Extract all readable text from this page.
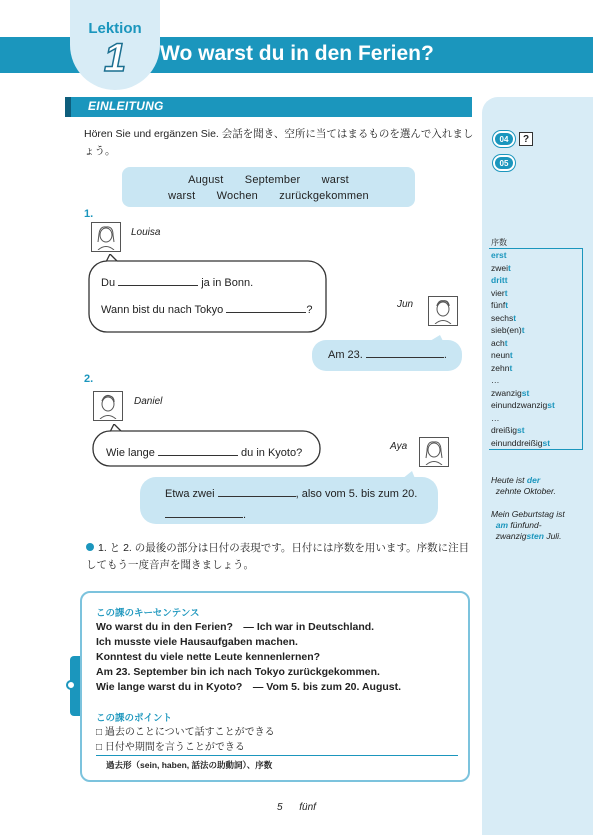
Lektion
1	Wo warst du in den Ferien?
EINLEITUNG
Hören Sie und ergänzen Sie. 会話を聞き、空所に当てはまるものを選んで入れましょう。
04	?
05
August September warst
warst Wochen zurückgekommen
1.
Louisa
Du	ja in Bonn.
Wann bist du nach Tokyo	?	Jun
Am 23.	.
2.
Daniel
Wie lange	du in Kyoto?
Aya
Etwa zwei	, also vom 5. bis zum 20.
.
1. と 2. の最後の部分は日付の表現です。日付には序数を用います。序数に注目してもう一度音声を聞きましょう。
この課のキーセンテンス
Wo warst du in den Ferien?　— Ich war in Deutschland.
Ich musste viele Hausaufgaben machen.
Konntest du viele nette Leute kennenlernen?
Am 23. September bin ich nach Tokyo zurückgekommen.
Wie lange warst du in Kyoto?　— Vom 5. bis zum 20. August.
この課のポイント
□ 過去のことについて話すことができる
□ 日付や期間を言うことができる
過去形（sein, haben, 話法の助動詞）、序数
序数
erst
zweit
dritt
viert
fünft
sechst
sieb(en)t
acht
neunt
zehnt
…
zwanzigst
einundzwanzigst
…
dreißigst
einunddreißigst
Heute ist der
zehnte Oktober.
Mein Geburtstag ist
am fünfund-
zwanzigsten Juli.
5 fünf
